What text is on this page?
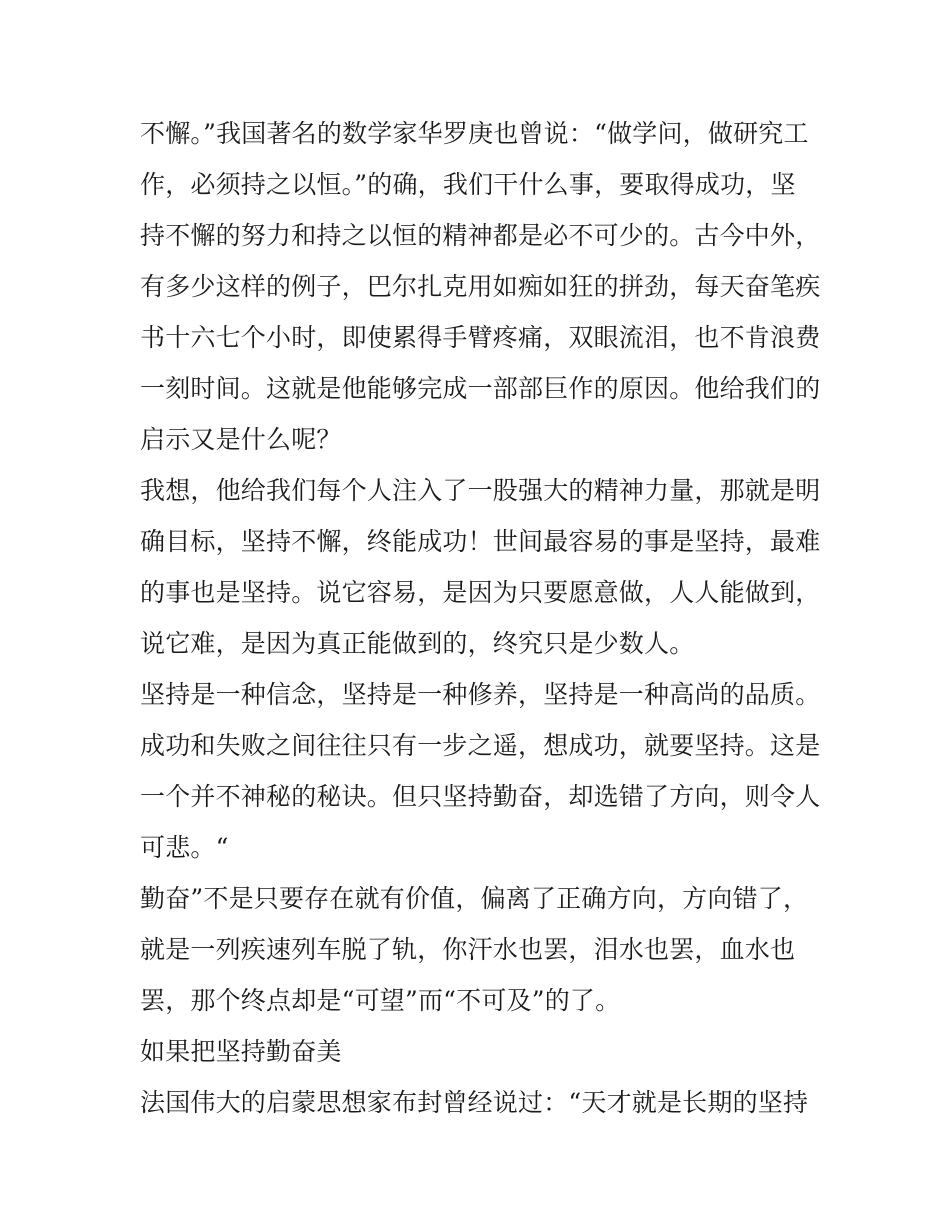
不懈。”我国著名的数学家华罗庚也曾说：“做学问，做研究工
作，必须持之以恒。”的确，我们干什么事，要取得成功，坚
持不懈的努力和持之以恒的精神都是必不可少的。古今中外，
有多少这样的例子，巴尔扎克用如痴如狂的拼劲，每天奋笔疾
书十六七个小时，即使累得手臂疼痛，双眼流泪，也不肯浪费
一刻时间。这就是他能够完成一部部巨作的原因。他给我们的
启示又是什么呢？
我想，他给我们每个人注入了一股强大的精神力量，那就是明
确目标，坚持不懈，终能成功！世间最容易的事是坚持，最难
的事也是坚持。说它容易，是因为只要愿意做，人人能做到，
说它难，是因为真正能做到的，终究只是少数人。
坚持是一种信念，坚持是一种修养，坚持是一种高尚的品质。
成功和失败之间往往只有一步之遥，想成功，就要坚持。这是
一个并不神秘的秘诀。但只坚持勤奋，却选错了方向，则令人
可悲。“
勤奋”不是只要存在就有价值，偏离了正确方向，方向错了，
就是一列疾速列车脱了轨，你汗水也罢，泪水也罢，血水也
罢，那个终点却是“可望”而“不可及”的了。
如果把坚持勤奋美
法国伟大的启蒙思想家布封曾经说过：“天才就是长期的坚持
